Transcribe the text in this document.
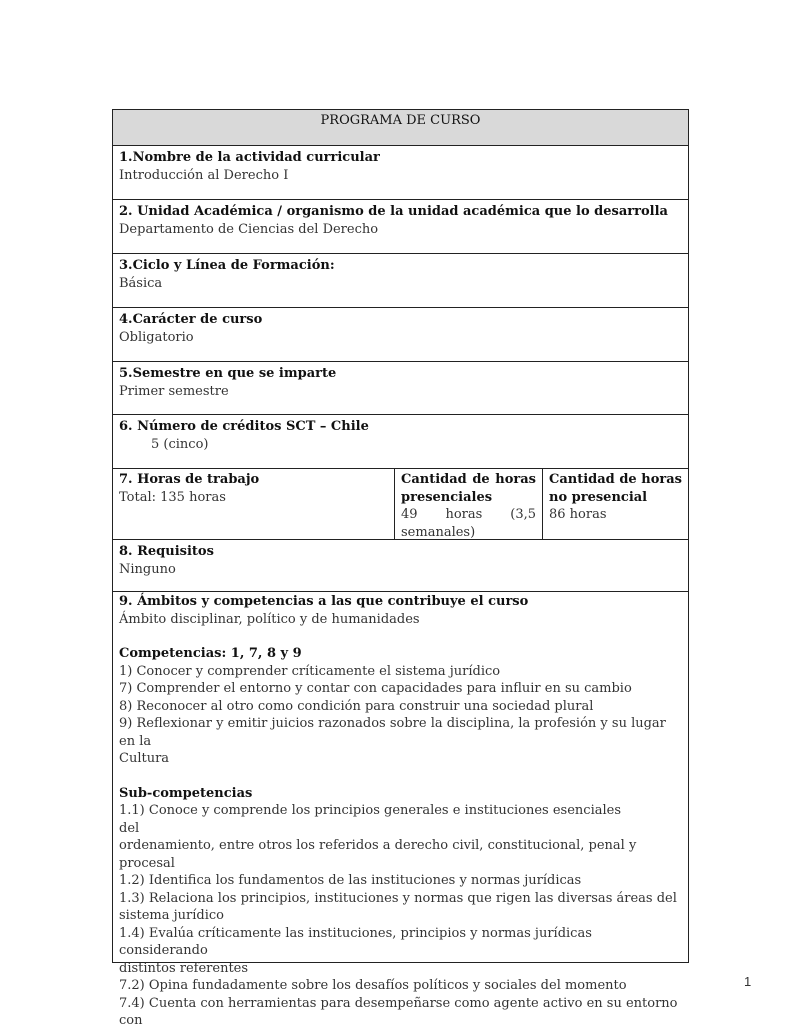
PROGRAMA DE CURSO
1.Nombre de la actividad curricular
Introducción al Derecho I
2. Unidad Académica / organismo de la unidad académica que lo desarrolla
Departamento de Ciencias del Derecho
3.Ciclo y Línea de Formación:
Básica
4.Carácter de curso
Obligatorio
5.Semestre en que se imparte
Primer semestre
6. Número de créditos SCT – Chile
5 (cinco)
7. Horas de trabajo
Total: 135 horas
Cantidad de horas presenciales
49 horas (3,5
semanales)
Cantidad de horas no presencial
86 horas
8. Requisitos
Ninguno
9. Ámbitos y competencias a las que contribuye el curso
Ámbito disciplinar, político y de humanidades
Competencias: 1, 7, 8 y 9
1) Conocer y comprender críticamente el sistema jurídico
7) Comprender el entorno y contar con capacidades para influir en su cambio
8) Reconocer al otro como condición para construir una sociedad plural
9) Reflexionar y emitir juicios razonados sobre la disciplina, la profesión y su lugar en la
Cultura
Sub-competencias
1.1) Conoce y comprende los principios generales e instituciones esenciales
del
ordenamiento, entre otros los referidos a derecho civil, constitucional, penal y procesal
1.2) Identifica los fundamentos de las instituciones y normas jurídicas
1.3) Relaciona los principios, instituciones y normas que rigen las diversas áreas del
sistema jurídico
1.4) Evalúa críticamente las instituciones, principios y normas jurídicas considerando
distintos referentes
7.2) Opina fundadamente sobre los desafíos políticos y sociales del momento
7.4) Cuenta con herramientas para desempeñarse como agente activo en su entorno con
1
